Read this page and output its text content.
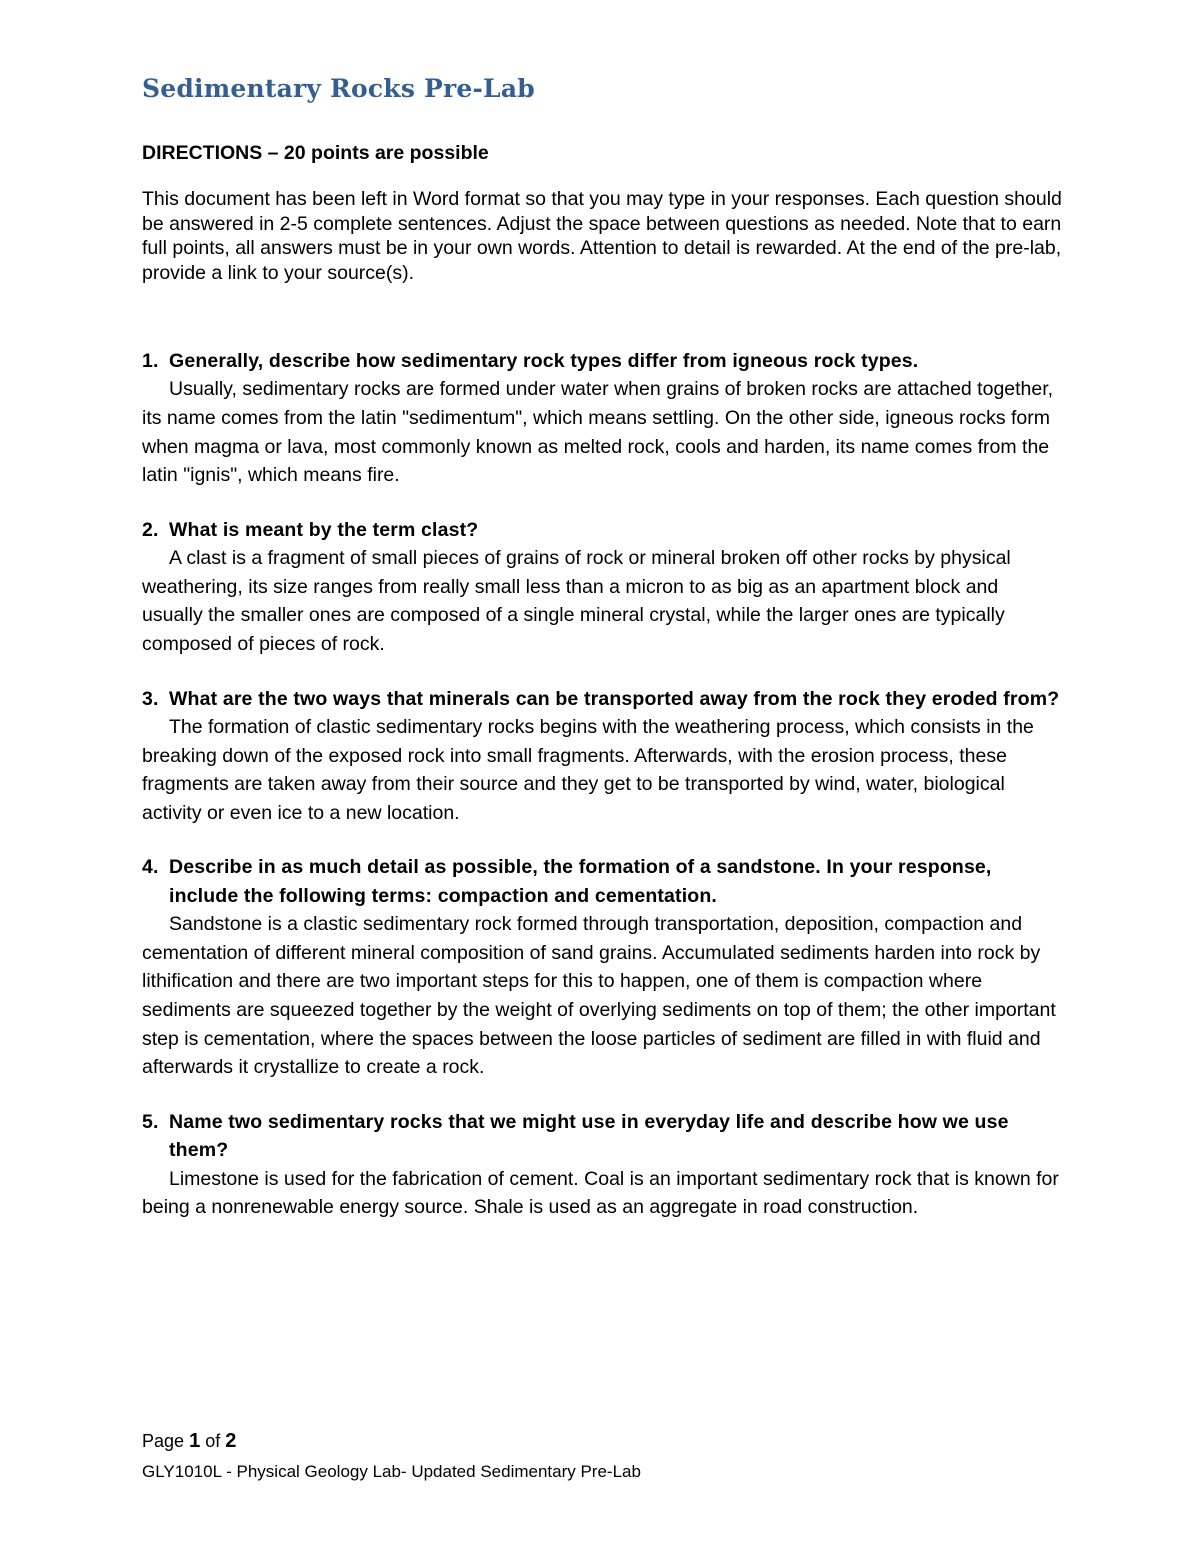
Sedimentary Rocks Pre-Lab

DIRECTIONS – 20 points are possible

This document has been left in Word format so that you may type in your responses. Each question should be answered in 2-5 complete sentences. Adjust the space between questions as needed. Note that to earn full points, all answers must be in your own words. Attention to detail is rewarded. At the end of the pre-lab, provide a link to your source(s).

1. Generally, describe how sedimentary rock types differ from igneous rock types.

Usually, sedimentary rocks are formed under water when grains of broken rocks are attached together, its name comes from the latin "sedimentum", which means settling. On the other side, igneous rocks form when magma or lava, most commonly known as melted rock, cools and harden, its name comes from the latin "ignis", which means fire.

2. What is meant by the term clast?

A clast is a fragment of small pieces of grains of rock or mineral broken off other rocks by physical weathering, its size ranges from really small less than a micron to as big as an apartment block and usually the smaller ones are composed of a single mineral crystal, while the larger ones are typically composed of pieces of rock.

3. What are the two ways that minerals can be transported away from the rock they eroded from?

The formation of clastic sedimentary rocks begins with the weathering process, which consists in the breaking down of the exposed rock into small fragments. Afterwards, with the erosion process, these fragments are taken away from their source and they get to be transported by wind, water, biological activity or even ice to a new location.

4. Describe in as much detail as possible, the formation of a sandstone. In your response, include the following terms: compaction and cementation.

Sandstone is a clastic sedimentary rock formed through transportation, deposition, compaction and cementation of different mineral composition of sand grains. Accumulated sediments harden into rock by lithification and there are two important steps for this to happen, one of them is compaction where sediments are squeezed together by the weight of overlying sediments on top of them; the other important step is cementation, where the spaces between the loose particles of sediment are filled in with fluid and afterwards it crystallize to create a rock.

5. Name two sedimentary rocks that we might use in everyday life and describe how we use them?

Limestone is used for the fabrication of cement. Coal is an important sedimentary rock that is known for being a nonrenewable energy source. Shale is used as an aggregate in road construction.

Page 1 of 2

GLY1010L - Physical Geology Lab- Updated Sedimentary Pre-Lab
